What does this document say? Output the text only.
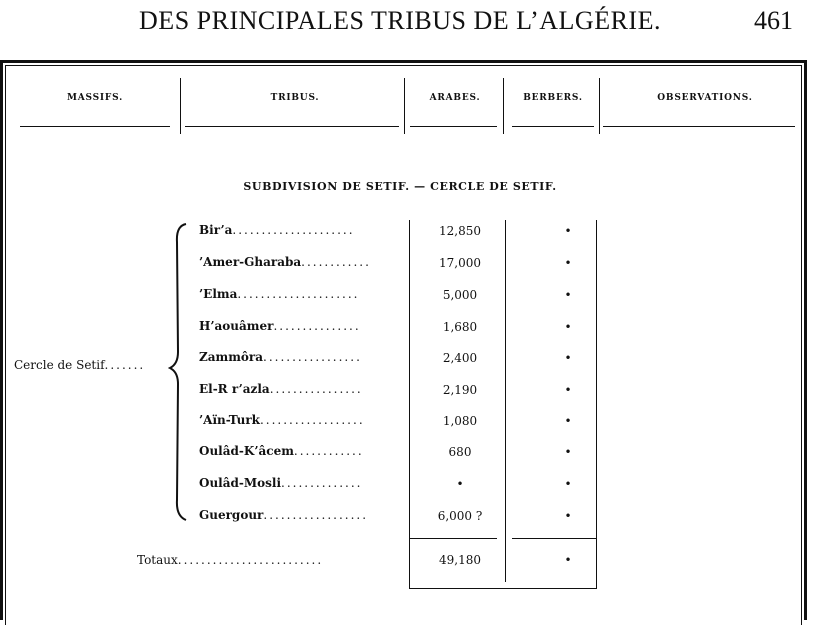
DES PRINCIPALES TRIBUS DE L’ALGÉRIE.	461
MASSIFS.	TRIBUS.	ARABES.	BERBERS.	OBSERVATIONS.
SUBDIVISION DE SETIF. — CERCLE DE SETIF.
Cercle de Setif.......
Bir’a.....................	12,850	•
’Amer-Gharaba............	17,000	•
’Elma.....................	5,000	•
H’aouâmer...............	1,680	•
Zammôra.................	2,400	•
El-R r’azla................	2,190	•
’Aïn-Turk..................	1,080	•
Oulâd-K’âcem............	680	•
Oulâd-Mosli..............	•	•
Guergour..................	6,000 ?	•
Totaux.........................	49,180	•
